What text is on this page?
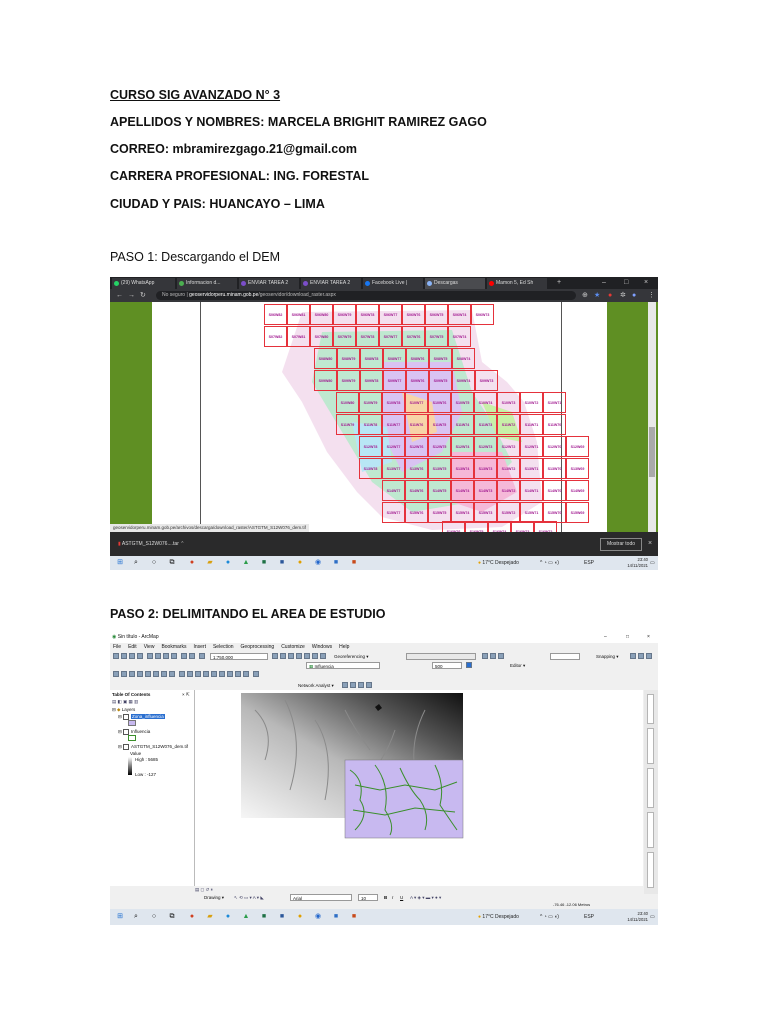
CURSO SIG AVANZADO N° 3
APELLIDOS Y NOMBRES: MARCELA BRIGHIT RAMIREZ GAGO
CORREO: mbramirezgago.21@gmail.com
CARRERA PROFESIONAL: ING. FORESTAL
CIUDAD Y PAIS: HUANCAYO – LIMA
PASO 1: Descargando el DEM
PASO 2: DELIMITANDO EL AREA DE ESTUDIO
(29) WhatsApp	Informacion d...	ENVIAR TAREA 2	ENVIAR TAREA 2	Facebook Live |	Descargas	Mamon 5, Ed Sh	+	–	□ ×
← → ↻	No seguro | geoservidorperu.minam.gob.pe/geoservidor/download_raster.aspx	⊕ ★ ● ✲ ● ⋮
S06W82	S06W81	S06W80	S06W79	S06W78	S06W77	S06W76	S06W75	S06W74	S06W73
S07W82	S07W81	S07W80	S07W79	S07W78	S07W77	S07W76	S07W75	S07W74
S08W80	S08W79	S08W78	S08W77	S08W76	S08W75	S08W74
S09W80	S09W79	S09W78	S09W77	S09W76	S09W75	S09W74	S09W73
S10W80	S10W79	S10W78	S10W77	S10W76	S10W75	S10W74	S10W73	S10W72	S10W71
S11W79	S11W78	S11W77	S11W76	S11W75	S11W74	S11W73	S11W72	S11W71	S11W70
S12W78	S12W77	S12W76	S12W75	S12W74	S12W73	S12W72	S12W71	S12W70	S12W69
S13W78	S13W77	S13W76	S13W75	S13W74	S13W73	S13W72	S13W71	S13W70	S13W69
S14W77	S14W76	S14W75	S14W74	S14W73	S14W72	S14W71	S14W70	S14W69
S15W77	S15W76	S15W75	S15W74	S15W73	S15W72	S15W71	S15W70	S15W69
geoservidorperu.minam.gob.pe/archivos/descarga/download_raster/ASTGTM_S12W076_dem.tif
▮ ASTGTM_S12W076....tar ⌃	Mostrar todo	×
⊞ ⌕ ○ ⧉ ● ▰ ● ▲ ■ ■ ● ◉ ■ ■	● 17°C Despejado	^ ◔ ▭ ◖)	ESP
23:40
14/11/2021 ▭
◉ Sin título - ArcMap	–	□	×
File Edit View Bookmarks Insert Selection Geoprocessing Customize Windows Help
1:750.000	Georeferencing ▾	Snapping ▾
▦ Influencia	500	Editor ▾
Network Analyst ▾
Table Of Contents	× ⇱
▤ ◧ ▣ ▦ ▥
⊟ ◆ Layers
⊟ Zona_influencia
⊟ Influencia
⊟ ASTGTM_S12W076_dem.tif
Value
High : 5685
Low : -127
▤ ◻ ↺ ⏸
Drawing ▾ ↖ ⟲ ▭ ▾ A ▾ ◣	Arial	10	B I U A ▾ ◈ ▾ ▬ ▾ ● ▾
-76.46 -12.06 Metros
⊞ ⌕ ○ ⧉ ● ▰ ● ▲ ■ ■ ● ◉ ■ ■	● 17°C Despejado	^ ◔ ▭ ◖)	ESP
23:40
14/11/2021 ▭
